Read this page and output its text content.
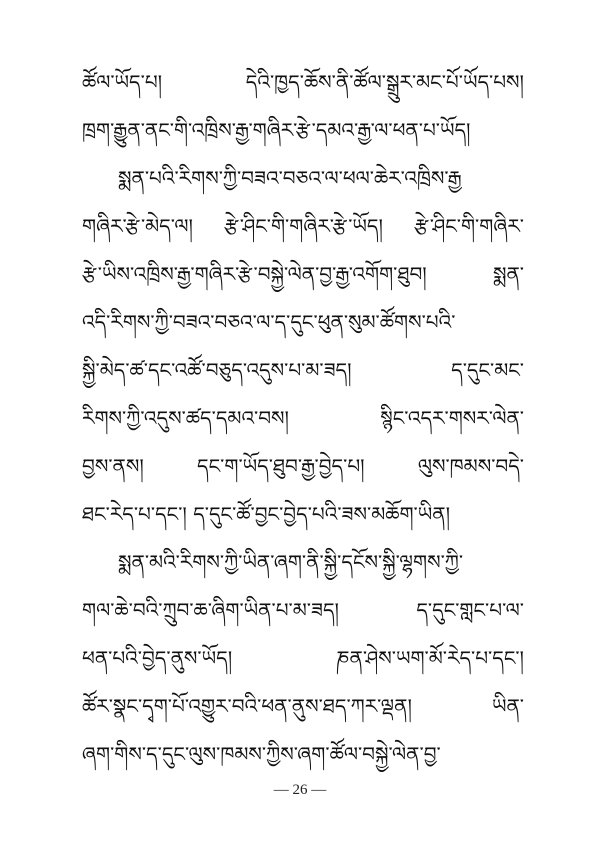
ཚོལ་ཡོད་པ། དེའི་ཁྱད་ཆོས་ནི་ཚོལ་སྒྲུར་མང་པོ་ཡོད་པས།
ཁྲག་རྒྱུན་ནང་གི་འཁྲིས་རྒྱ་གཞིར་རྩེ་དམའ་རྒྱ་ལ་ཕན་པ་ཡོད།
སྨན་པའི་རིགས་ཀྱི་བཟའ་བཅའ་ལ་ཕལ་ཆེར་འཁྲིས་རྒྱ
གཞིར་རྩེ་མེད་ལ། རྩེ་ཤིང་གི་གཞིར་རྩེ་ཡོད། རྩེ་ཤིང་གི་གཞིར་
རྩེ་ཡིས་འཁྲིས་རྒྱ་གཞིར་རྩེ་བསྐྱེ་ལེན་བྱ་རྒྱ་འགོག་ཐུབ། སྨན་
འདི་རིགས་ཀྱི་བཟའ་བཅའ་ལ་ད་དུང་ཕུན་སུམ་ཚོགས་པའི་
སྐྱི་མེད་ཚ་དང་འཚོ་བཅུད་འདུས་པ་མ་ཟད། ད་དུང་མང་
རིགས་ཀྱི་འདུས་ཚད་དམའ་བས། སྙིང་འདར་གསར་ལེན་
བྱས་ནས། དང་ག་ཡོད་ཐུབ་རྒྱ་བྱེད་པ། ལུས་ཁམས་བདེ་
ཐང་རེད་པ་དང་། ད་དུང་ཚོ་བྱང་བྱེད་པའི་ཟས་མཆོག་ཡིན།
སྨན་མའི་རིགས་ཀྱི་ཡིན་ཞག་ནི་སྐྱི་དངོས་སྐྱི་ལྷགས་ཀྱི་
གལ་ཆེ་བའི་ཀྲུབ་ཆ་ཞིག་ཡིན་པ་མ་ཟད། ད་དུང་གླང་པ་ལ་
ཕན་པའི་བྱེད་ནུས་ཡོད། ཎན་ཤེས་ཡག་མོ་རེད་པ་དང་།
ཚོར་སྣང་དྭག་པོ་འགྱུར་བའི་ཕན་ནུས་ཐད་ཀར་ལྡན། ཡིན་
ཞག་གིས་ད་དུང་ལུས་ཁམས་ཀྱིས་ཞག་ཚོལ་བསྐྱེ་ལེན་བྱ་
— 26 —
